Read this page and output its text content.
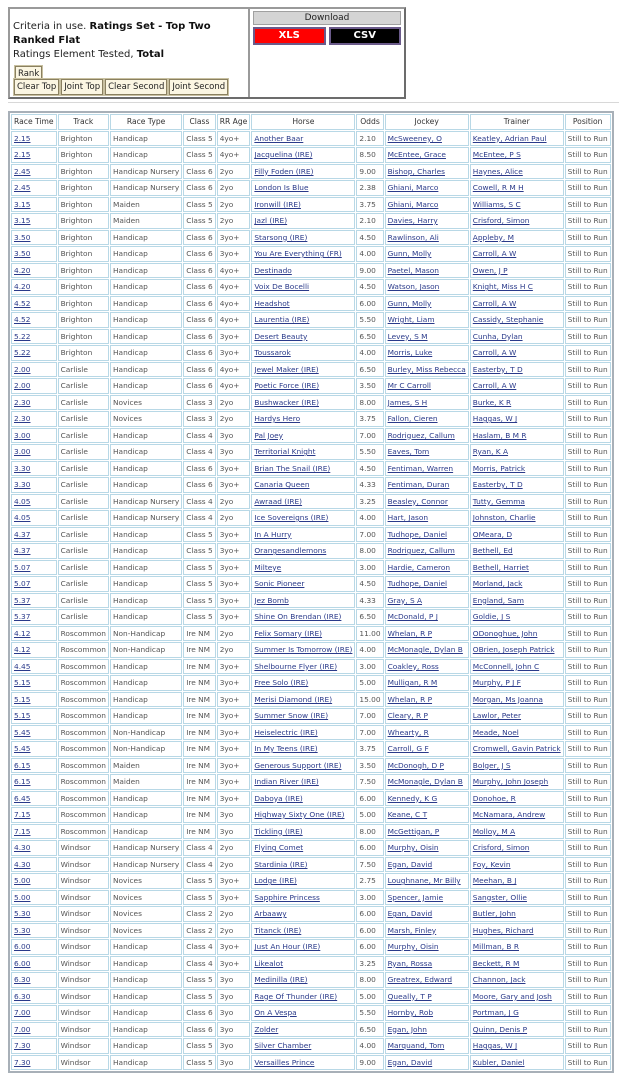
Criteria in use. Ratings Set - Top Two Ranked Flat
Ratings Element Tested, Total
Rank
Clear Top Joint Top Clear Second Joint Second
Download
XLS	CSV
Race Time	Track	Race Type	Class	RR Age	Horse	Odds	Jockey	Trainer	Position
2.15	Brighton	Handicap	Class 5	4yo+	Another Baar	2.10	McSweeney, O	Keatley, Adrian Paul	Still to Run
2.15	Brighton	Handicap	Class 5	4yo+	Jacquelina (IRE)	8.50	McEntee, Grace	McEntee, P S	Still to Run
2.45	Brighton	Handicap Nursery	Class 6	2yo	Filly Foden (IRE)	9.00	Bishop, Charles	Haynes, Alice	Still to Run
2.45	Brighton	Handicap Nursery	Class 6	2yo	London Is Blue	2.38	Ghiani, Marco	Cowell, R M H	Still to Run
3.15	Brighton	Maiden	Class 5	2yo	Ironwill (IRE)	3.75	Ghiani, Marco	Williams, S C	Still to Run
3.15	Brighton	Maiden	Class 5	2yo	Jazl (IRE)	2.10	Davies, Harry	Crisford, Simon	Still to Run
3.50	Brighton	Handicap	Class 6	3yo+	Starsong (IRE)	4.50	Rawlinson, Ali	Appleby, M	Still to Run
3.50	Brighton	Handicap	Class 6	3yo+	You Are Everything (FR)	4.00	Gunn, Molly	Carroll, A W	Still to Run
4.20	Brighton	Handicap	Class 6	4yo+	Destinado	9.00	Paetel, Mason	Owen, J P	Still to Run
4.20	Brighton	Handicap	Class 6	4yo+	Voix De Bocelli	4.50	Watson, Jason	Knight, Miss H C	Still to Run
4.52	Brighton	Handicap	Class 6	4yo+	Headshot	6.00	Gunn, Molly	Carroll, A W	Still to Run
4.52	Brighton	Handicap	Class 6	4yo+	Laurentia (IRE)	5.50	Wright, Liam	Cassidy, Stephanie	Still to Run
5.22	Brighton	Handicap	Class 6	3yo+	Desert Beauty	6.50	Levey, S M	Cunha, Dylan	Still to Run
5.22	Brighton	Handicap	Class 6	3yo+	Toussarok	4.00	Morris, Luke	Carroll, A W	Still to Run
2.00	Carlisle	Handicap	Class 6	4yo+	Jewel Maker (IRE)	6.50	Burley, Miss Rebecca	Easterby, T D	Still to Run
2.00	Carlisle	Handicap	Class 6	4yo+	Poetic Force (IRE)	3.50	Mr C Carroll	Carroll, A W	Still to Run
2.30	Carlisle	Novices	Class 3	2yo	Bushwacker (IRE)	8.00	James, S H	Burke, K R	Still to Run
2.30	Carlisle	Novices	Class 3	2yo	Hardys Hero	3.75	Fallon, Cieren	Haggas, W J	Still to Run
3.00	Carlisle	Handicap	Class 4	3yo	Pal Joey	7.00	Rodriguez, Callum	Haslam, B M R	Still to Run
3.00	Carlisle	Handicap	Class 4	3yo	Territorial Knight	5.50	Eaves, Tom	Ryan, K A	Still to Run
3.30	Carlisle	Handicap	Class 6	3yo+	Brian The Snail (IRE)	4.50	Fentiman, Warren	Morris, Patrick	Still to Run
3.30	Carlisle	Handicap	Class 6	3yo+	Canaria Queen	4.33	Fentiman, Duran	Easterby, T D	Still to Run
4.05	Carlisle	Handicap Nursery	Class 4	2yo	Awraad (IRE)	3.25	Beasley, Connor	Tutty, Gemma	Still to Run
4.05	Carlisle	Handicap Nursery	Class 4	2yo	Ice Sovereigns (IRE)	4.00	Hart, Jason	Johnston, Charlie	Still to Run
4.37	Carlisle	Handicap	Class 5	3yo+	In A Hurry	7.00	Tudhope, Daniel	OMeara, D	Still to Run
4.37	Carlisle	Handicap	Class 5	3yo+	Orangesandlemons	8.00	Rodriguez, Callum	Bethell, Ed	Still to Run
5.07	Carlisle	Handicap	Class 5	3yo+	Milteye	3.00	Hardie, Cameron	Bethell, Harriet	Still to Run
5.07	Carlisle	Handicap	Class 5	3yo+	Sonic Pioneer	4.50	Tudhope, Daniel	Morland, Jack	Still to Run
5.37	Carlisle	Handicap	Class 5	3yo+	Jez Bomb	4.33	Gray, S A	England, Sam	Still to Run
5.37	Carlisle	Handicap	Class 5	3yo+	Shine On Brendan (IRE)	6.50	McDonald, P J	Goldie, J S	Still to Run
4.12	Roscommon	Non-Handicap	Ire NM	2yo	Felix Somary (IRE)	11.00	Whelan, R P	ODonoghue, John	Still to Run
4.12	Roscommon	Non-Handicap	Ire NM	2yo	Summer Is Tomorrow (IRE)	4.00	McMonagle, Dylan B	OBrien, Joseph Patrick	Still to Run
4.45	Roscommon	Handicap	Ire NM	3yo+	Shelbourne Flyer (IRE)	3.00	Coakley, Ross	McConnell, John C	Still to Run
5.15	Roscommon	Handicap	Ire NM	3yo+	Free Solo (IRE)	5.00	Mulligan, R M	Murphy, P J F	Still to Run
5.15	Roscommon	Handicap	Ire NM	3yo+	Merisi Diamond (IRE)	15.00	Whelan, R P	Morgan, Ms Joanna	Still to Run
5.15	Roscommon	Handicap	Ire NM	3yo+	Summer Snow (IRE)	7.00	Cleary, R P	Lawlor, Peter	Still to Run
5.45	Roscommon	Non-Handicap	Ire NM	3yo+	Heiselectric (IRE)	7.00	Whearty, R	Meade, Noel	Still to Run
5.45	Roscommon	Non-Handicap	Ire NM	3yo+	In My Teens (IRE)	3.75	Carroll, G F	Cromwell, Gavin Patrick	Still to Run
6.15	Roscommon	Maiden	Ire NM	3yo+	Generous Support (IRE)	3.50	McDonogh, D P	Bolger, J S	Still to Run
6.15	Roscommon	Maiden	Ire NM	3yo+	Indian River (IRE)	7.50	McMonagle, Dylan B	Murphy, John Joseph	Still to Run
6.45	Roscommon	Handicap	Ire NM	3yo+	Daboya (IRE)	6.00	Kennedy, K G	Donohoe, R	Still to Run
7.15	Roscommon	Handicap	Ire NM	3yo	Highway Sixty One (IRE)	5.00	Keane, C T	McNamara, Andrew	Still to Run
7.15	Roscommon	Handicap	Ire NM	3yo	Tickling (IRE)	8.00	McGettigan, P	Molloy, M A	Still to Run
4.30	Windsor	Handicap Nursery	Class 4	2yo	Flying Comet	6.00	Murphy, Oisin	Crisford, Simon	Still to Run
4.30	Windsor	Handicap Nursery	Class 4	2yo	Stardinia (IRE)	7.50	Egan, David	Foy, Kevin	Still to Run
5.00	Windsor	Novices	Class 5	3yo+	Lodge (IRE)	2.75	Loughnane, Mr Billy	Meehan, B J	Still to Run
5.00	Windsor	Novices	Class 5	3yo+	Sapphire Princess	3.00	Spencer, Jamie	Sangster, Ollie	Still to Run
5.30	Windsor	Novices	Class 2	2yo	Arbaawy	6.00	Egan, David	Butler, John	Still to Run
5.30	Windsor	Novices	Class 2	2yo	Titanck (IRE)	6.00	Marsh, Finley	Hughes, Richard	Still to Run
6.00	Windsor	Handicap	Class 4	3yo+	Just An Hour (IRE)	6.00	Murphy, Oisin	Millman, B R	Still to Run
6.00	Windsor	Handicap	Class 4	3yo+	Likealot	3.25	Ryan, Rossa	Beckett, R M	Still to Run
6.30	Windsor	Handicap	Class 5	3yo	Medinilla (IRE)	8.00	Greatrex, Edward	Channon, Jack	Still to Run
6.30	Windsor	Handicap	Class 5	3yo	Rage Of Thunder (IRE)	5.00	Queally, T P	Moore, Gary and Josh	Still to Run
7.00	Windsor	Handicap	Class 6	3yo	On A Vespa	5.50	Hornby, Rob	Portman, J G	Still to Run
7.00	Windsor	Handicap	Class 6	3yo	Zolder	6.50	Egan, John	Quinn, Denis P	Still to Run
7.30	Windsor	Handicap	Class 5	3yo	Silver Chamber	4.00	Marquand, Tom	Haggas, W J	Still to Run
7.30	Windsor	Handicap	Class 5	3yo	Versailles Prince	9.00	Egan, David	Kubler, Daniel	Still to Run
